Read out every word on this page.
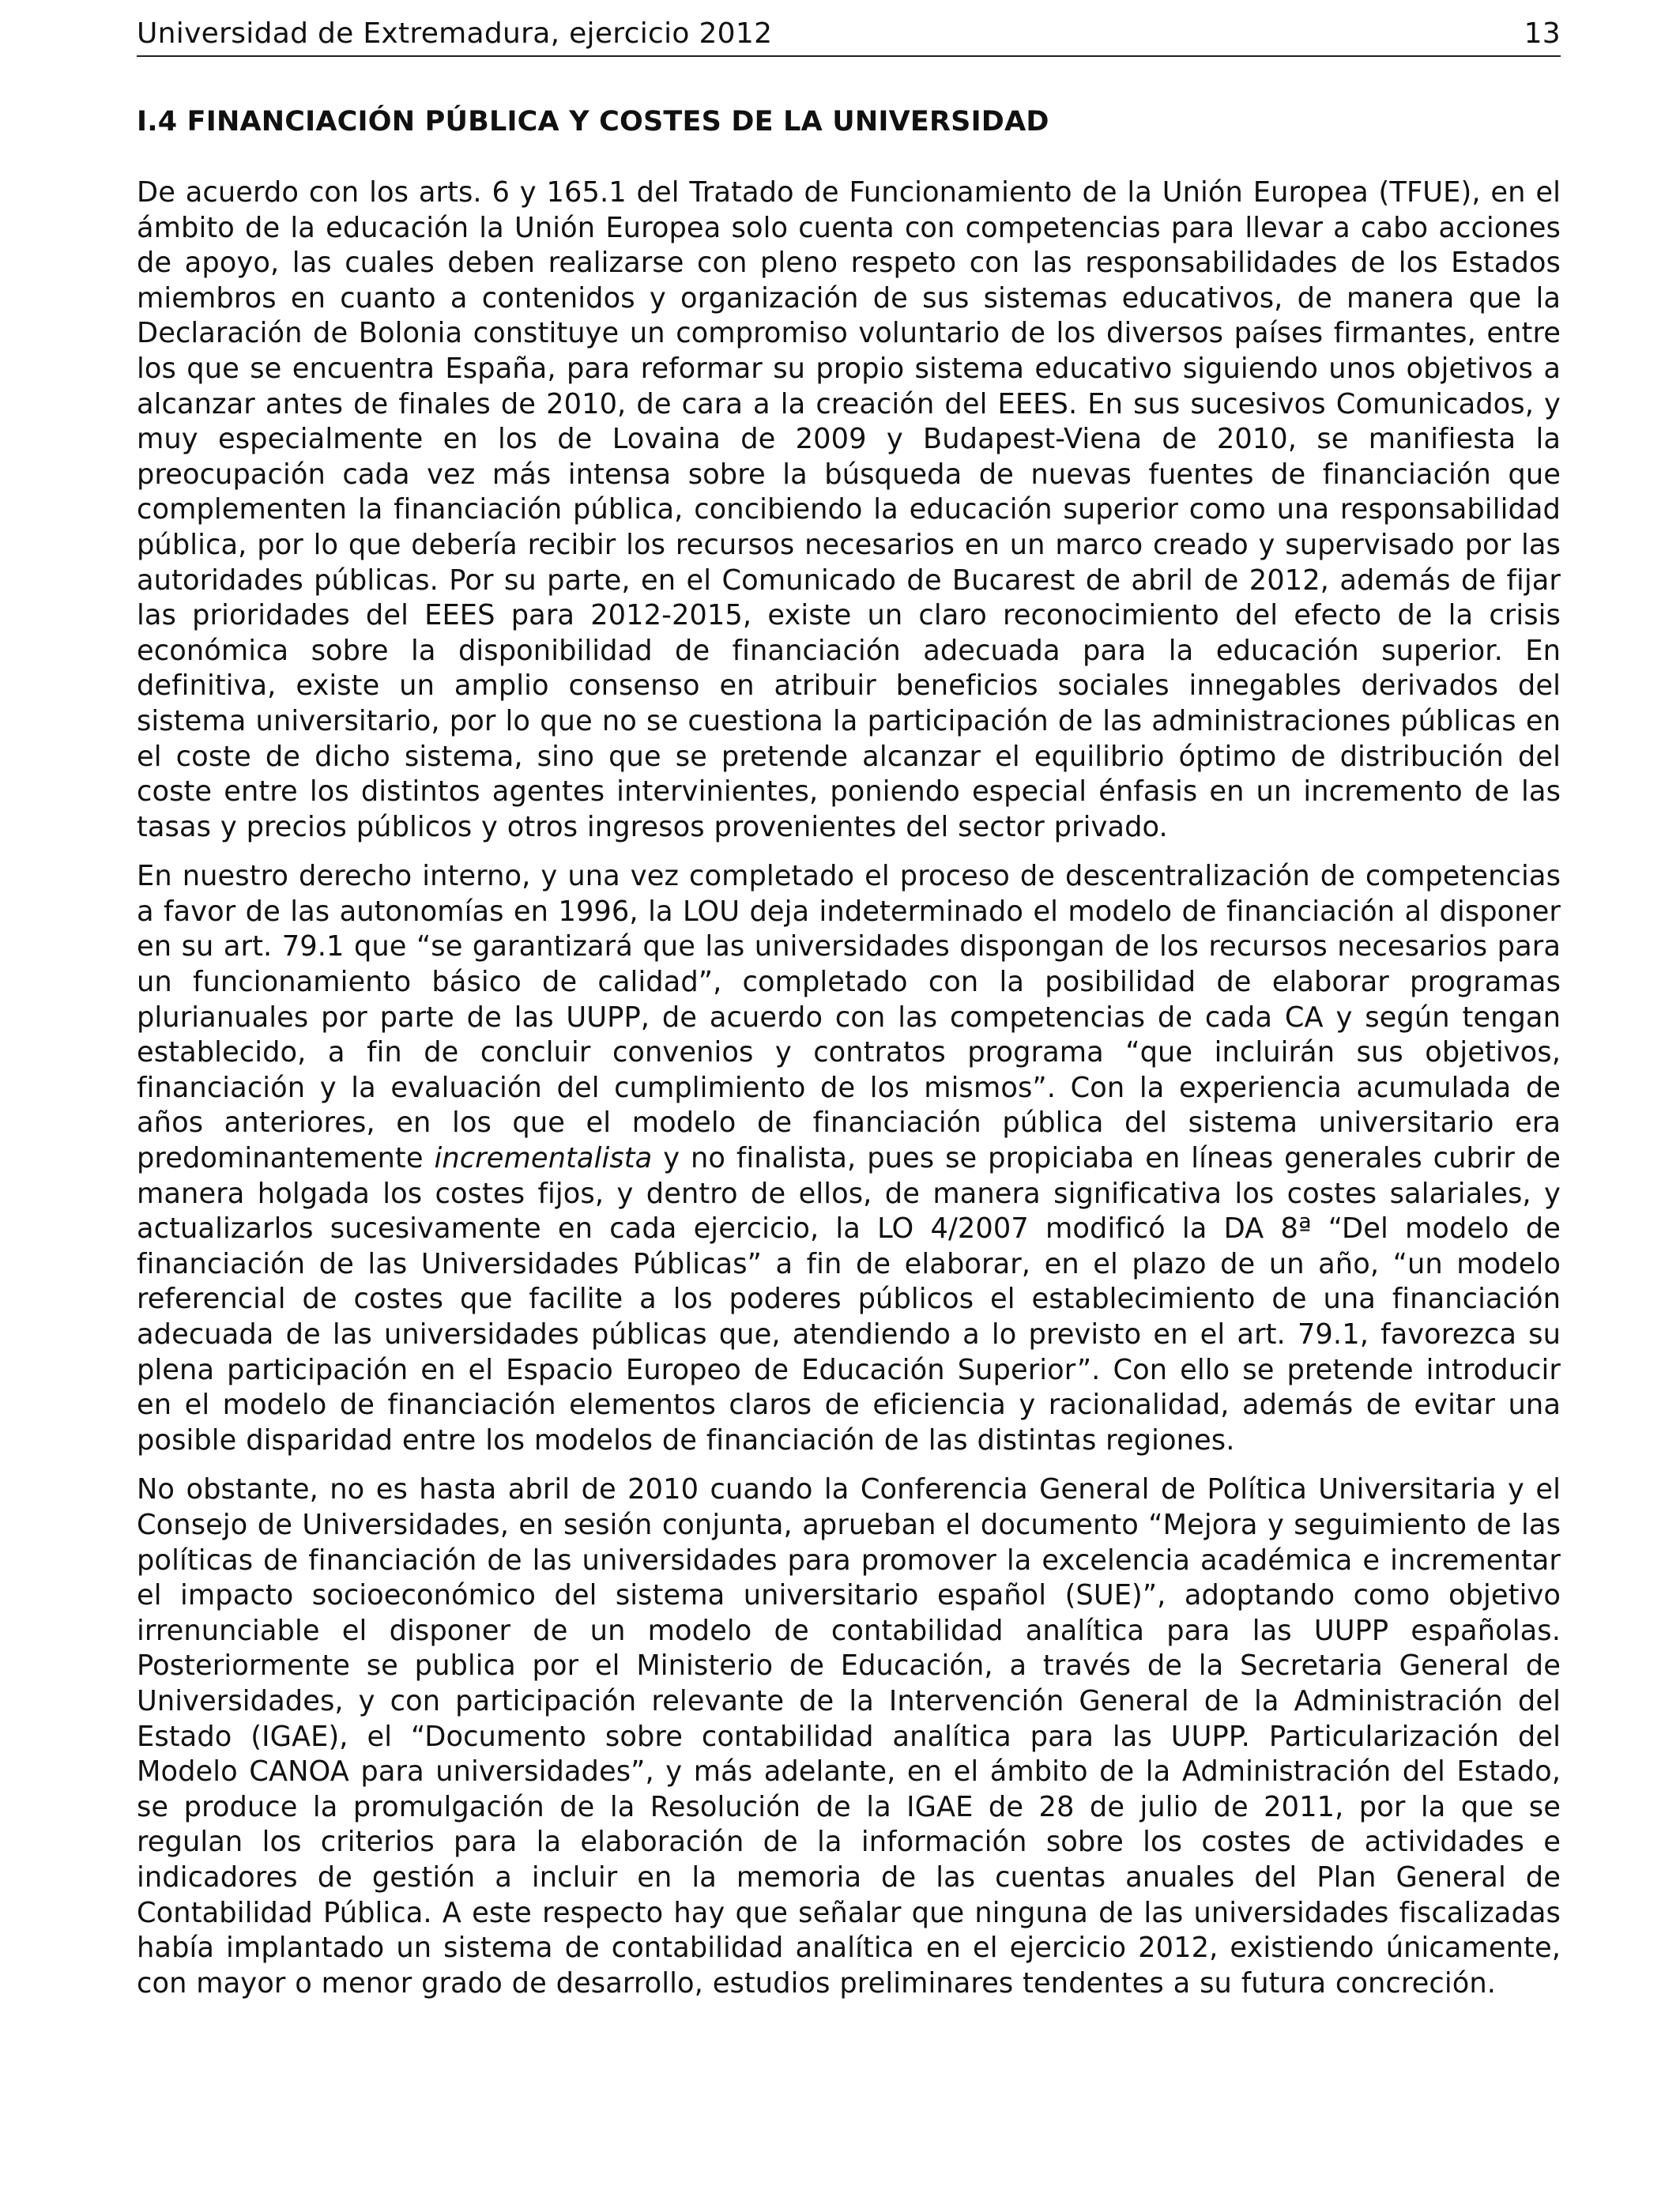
Universidad de Extremadura, ejercicio 2012	13
I.4 FINANCIACIÓN PÚBLICA Y COSTES DE LA UNIVERSIDAD

De acuerdo con los arts. 6 y 165.1 del Tratado de Funcionamiento de la Unión Europea (TFUE), en el ámbito de la educación la Unión Europea solo cuenta con competencias para llevar a cabo acciones de apoyo, las cuales deben realizarse con pleno respeto con las responsabilidades de los Estados miembros en cuanto a contenidos y organización de sus sistemas educativos, de manera que la Declaración de Bolonia constituye un compromiso voluntario de los diversos países firmantes, entre los que se encuentra España, para reformar su propio sistema educativo siguiendo unos objetivos a alcanzar antes de finales de 2010, de cara a la creación del EEES. En sus sucesivos Comunicados, y muy especialmente en los de Lovaina de 2009 y Budapest-Viena de 2010, se manifiesta la preocupación cada vez más intensa sobre la búsqueda de nuevas fuentes de financiación que complementen la financiación pública, concibiendo la educación superior como una responsabilidad pública, por lo que debería recibir los recursos necesarios en un marco creado y supervisado por las autoridades públicas. Por su parte, en el Comunicado de Bucarest de abril de 2012, además de fijar las prioridades del EEES para 2012-2015, existe un claro reconocimiento del efecto de la crisis económica sobre la disponibilidad de financiación adecuada para la educación superior. En definitiva, existe un amplio consenso en atribuir beneficios sociales innegables derivados del sistema universitario, por lo que no se cuestiona la participación de las administraciones públicas en el coste de dicho sistema, sino que se pretende alcanzar el equilibrio óptimo de distribución del coste entre los distintos agentes intervinientes, poniendo especial énfasis en un incremento de las tasas y precios públicos y otros ingresos provenientes del sector privado.

En nuestro derecho interno, y una vez completado el proceso de descentralización de competencias a favor de las autonomías en 1996, la LOU deja indeterminado el modelo de financiación al disponer en su art. 79.1 que “se garantizará que las universidades dispongan de los recursos necesarios para un funcionamiento básico de calidad”, completado con la posibilidad de elaborar programas plurianuales por parte de las UUPP, de acuerdo con las competencias de cada CA y según tengan establecido, a fin de concluir convenios y contratos programa “que incluirán sus objetivos, financiación y la evaluación del cumplimiento de los mismos”. Con la experiencia acumulada de años anteriores, en los que el modelo de financiación pública del sistema universitario era predominantemente incrementalista y no finalista, pues se propiciaba en líneas generales cubrir de manera holgada los costes fijos, y dentro de ellos, de manera significativa los costes salariales, y actualizarlos sucesivamente en cada ejercicio, la LO 4/2007 modificó la DA 8ª “Del modelo de financiación de las Universidades Públicas” a fin de elaborar, en el plazo de un año, “un modelo referencial de costes que facilite a los poderes públicos el establecimiento de una financiación adecuada de las universidades públicas que, atendiendo a lo previsto en el art. 79.1, favorezca su plena participación en el Espacio Europeo de Educación Superior”. Con ello se pretende introducir en el modelo de financiación elementos claros de eficiencia y racionalidad, además de evitar una posible disparidad entre los modelos de financiación de las distintas regiones.

No obstante, no es hasta abril de 2010 cuando la Conferencia General de Política Universitaria y el Consejo de Universidades, en sesión conjunta, aprueban el documento “Mejora y seguimiento de las políticas de financiación de las universidades para promover la excelencia académica e incrementar el impacto socioeconómico del sistema universitario español (SUE)”, adoptando como objetivo irrenunciable el disponer de un modelo de contabilidad analítica para las UUPP españolas. Posteriormente se publica por el Ministerio de Educación, a través de la Secretaria General de Universidades, y con participación relevante de la Intervención General de la Administración del Estado (IGAE), el “Documento sobre contabilidad analítica para las UUPP. Particularización del Modelo CANOA para universidades”, y más adelante, en el ámbito de la Administración del Estado, se produce la promulgación de la Resolución de la IGAE de 28 de julio de 2011, por la que se regulan los criterios para la elaboración de la información sobre los costes de actividades e indicadores de gestión a incluir en la memoria de las cuentas anuales del Plan General de Contabilidad Pública. A este respecto hay que señalar que ninguna de las universidades fiscalizadas había implantado un sistema de contabilidad analítica en el ejercicio 2012, existiendo únicamente, con mayor o menor grado de desarrollo, estudios preliminares tendentes a su futura concreción.
